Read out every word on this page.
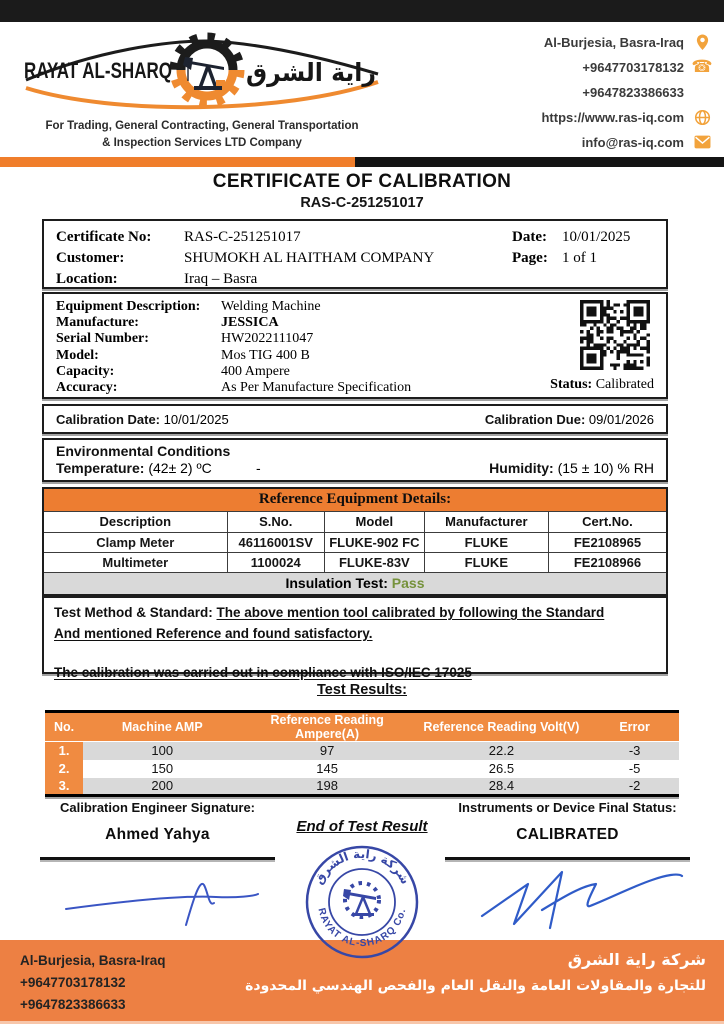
RAYAT AL-SHARQ	راية الشرق
For Trading, General Contracting, General Transportation
& Inspection Services LTD Company
Al-Burjesia, Basra-Iraq
+9647703178132 ☎
+9647823386633
https://www.ras-iq.com
info@ras-iq.com
CERTIFICATE OF CALIBRATION
RAS-C-251251017
Certificate No:	RAS-C-251251017
Customer:	SHUMOKH AL HAITHAM COMPANY
Location:	Iraq – Basra
Date:	10/01/2025
Page: 1 of 1
Equipment Description:	Welding Machine
Manufacture:	JESSICA
Serial Number:	HW2022111047
Model:	Mos TIG 400 B
Capacity:	400 Ampere
Accuracy:	As Per Manufacture Specification	Status: Calibrated
Calibration Date: 10/01/2025	Calibration Due: 09/01/2026
Environmental Conditions
Temperature: (42± 2) ºC	-	Humidity: (15 ± 10) % RH
Reference Equipment Details:				
Description	S.No.	Model	Manufacturer	Cert.No.
Clamp Meter	46116001SV	FLUKE-902 FC	FLUKE	FE2108965
Multimeter	1100024	FLUKE-83V	FLUKE	FE2108966
Insulation Test: Pass				
Test Method & Standard: The above mention tool calibrated by following the Standard
And mentioned Reference and found satisfactory.
The calibration was carried out in compliance with ISO/IEC 17025
Test Results:
No.	Machine AMP	Reference Reading Ampere(A)	Reference Reading Volt(V)	Error
1.	100	97	22.2	-3
2.	150	145	26.5	-5
3.	200	198	28.4	-2
Calibration Engineer Signature:
Ahmed Yahya	End of Test Result
Instruments or Device Final Status:
CALIBRATED
شركة راية الشرق
RAYAT AL-SHARQ Co.
Al-Burjesia, Basra-Iraq
+9647703178132
+9647823386633
شركة راية الشرق
للتجارة والمقاولات العامة والنقل العام والفحص الهندسي المحدودة
